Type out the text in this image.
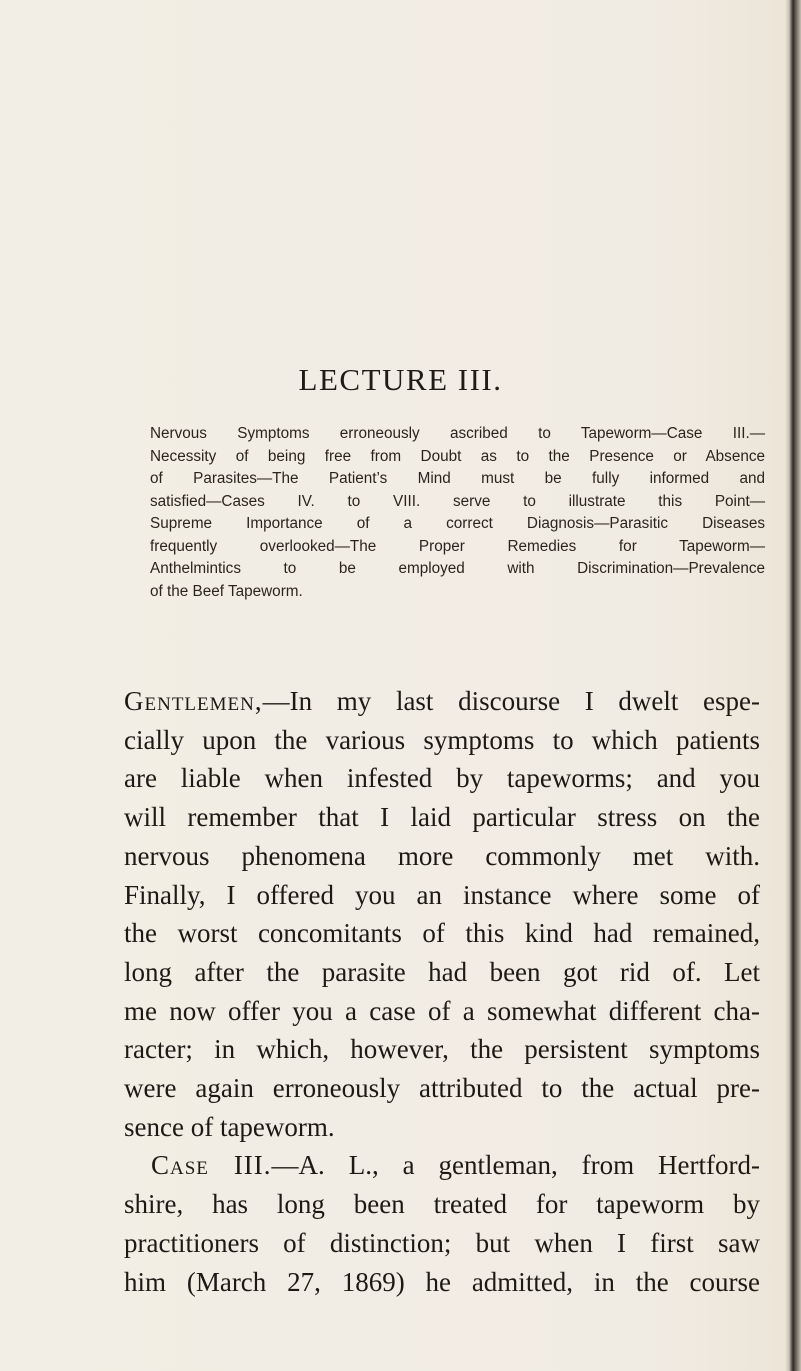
LECTURE III.
Nervous Symptoms erroneously ascribed to Tapeworm—Case III.—
Necessity of being free from Doubt as to the Presence or Absence
of Parasites—The Patient’s Mind must be fully informed and
satisfied—Cases IV. to VIII. serve to illustrate this Point—
Supreme Importance of a correct Diagnosis—Parasitic Diseases
frequently overlooked—The Proper Remedies for Tapeworm—
Anthelmintics to be employed with Discrimination—Prevalence
of the Beef Tapeworm.
Gentlemen,—In my last discourse I dwelt espe-
cially upon the various symptoms to which patients
are liable when infested by tapeworms; and you
will remember that I laid particular stress on the
nervous phenomena more commonly met with.
Finally, I offered you an instance where some of
the worst concomitants of this kind had remained,
long after the parasite had been got rid of. Let
me now offer you a case of a somewhat different cha-
racter; in which, however, the persistent symptoms
were again erroneously attributed to the actual pre-
sence of tapeworm.
Case III.—A. L., a gentleman, from Hertford-
shire, has long been treated for tapeworm by
practitioners of distinction; but when I first saw
him (March 27, 1869) he admitted, in the course
